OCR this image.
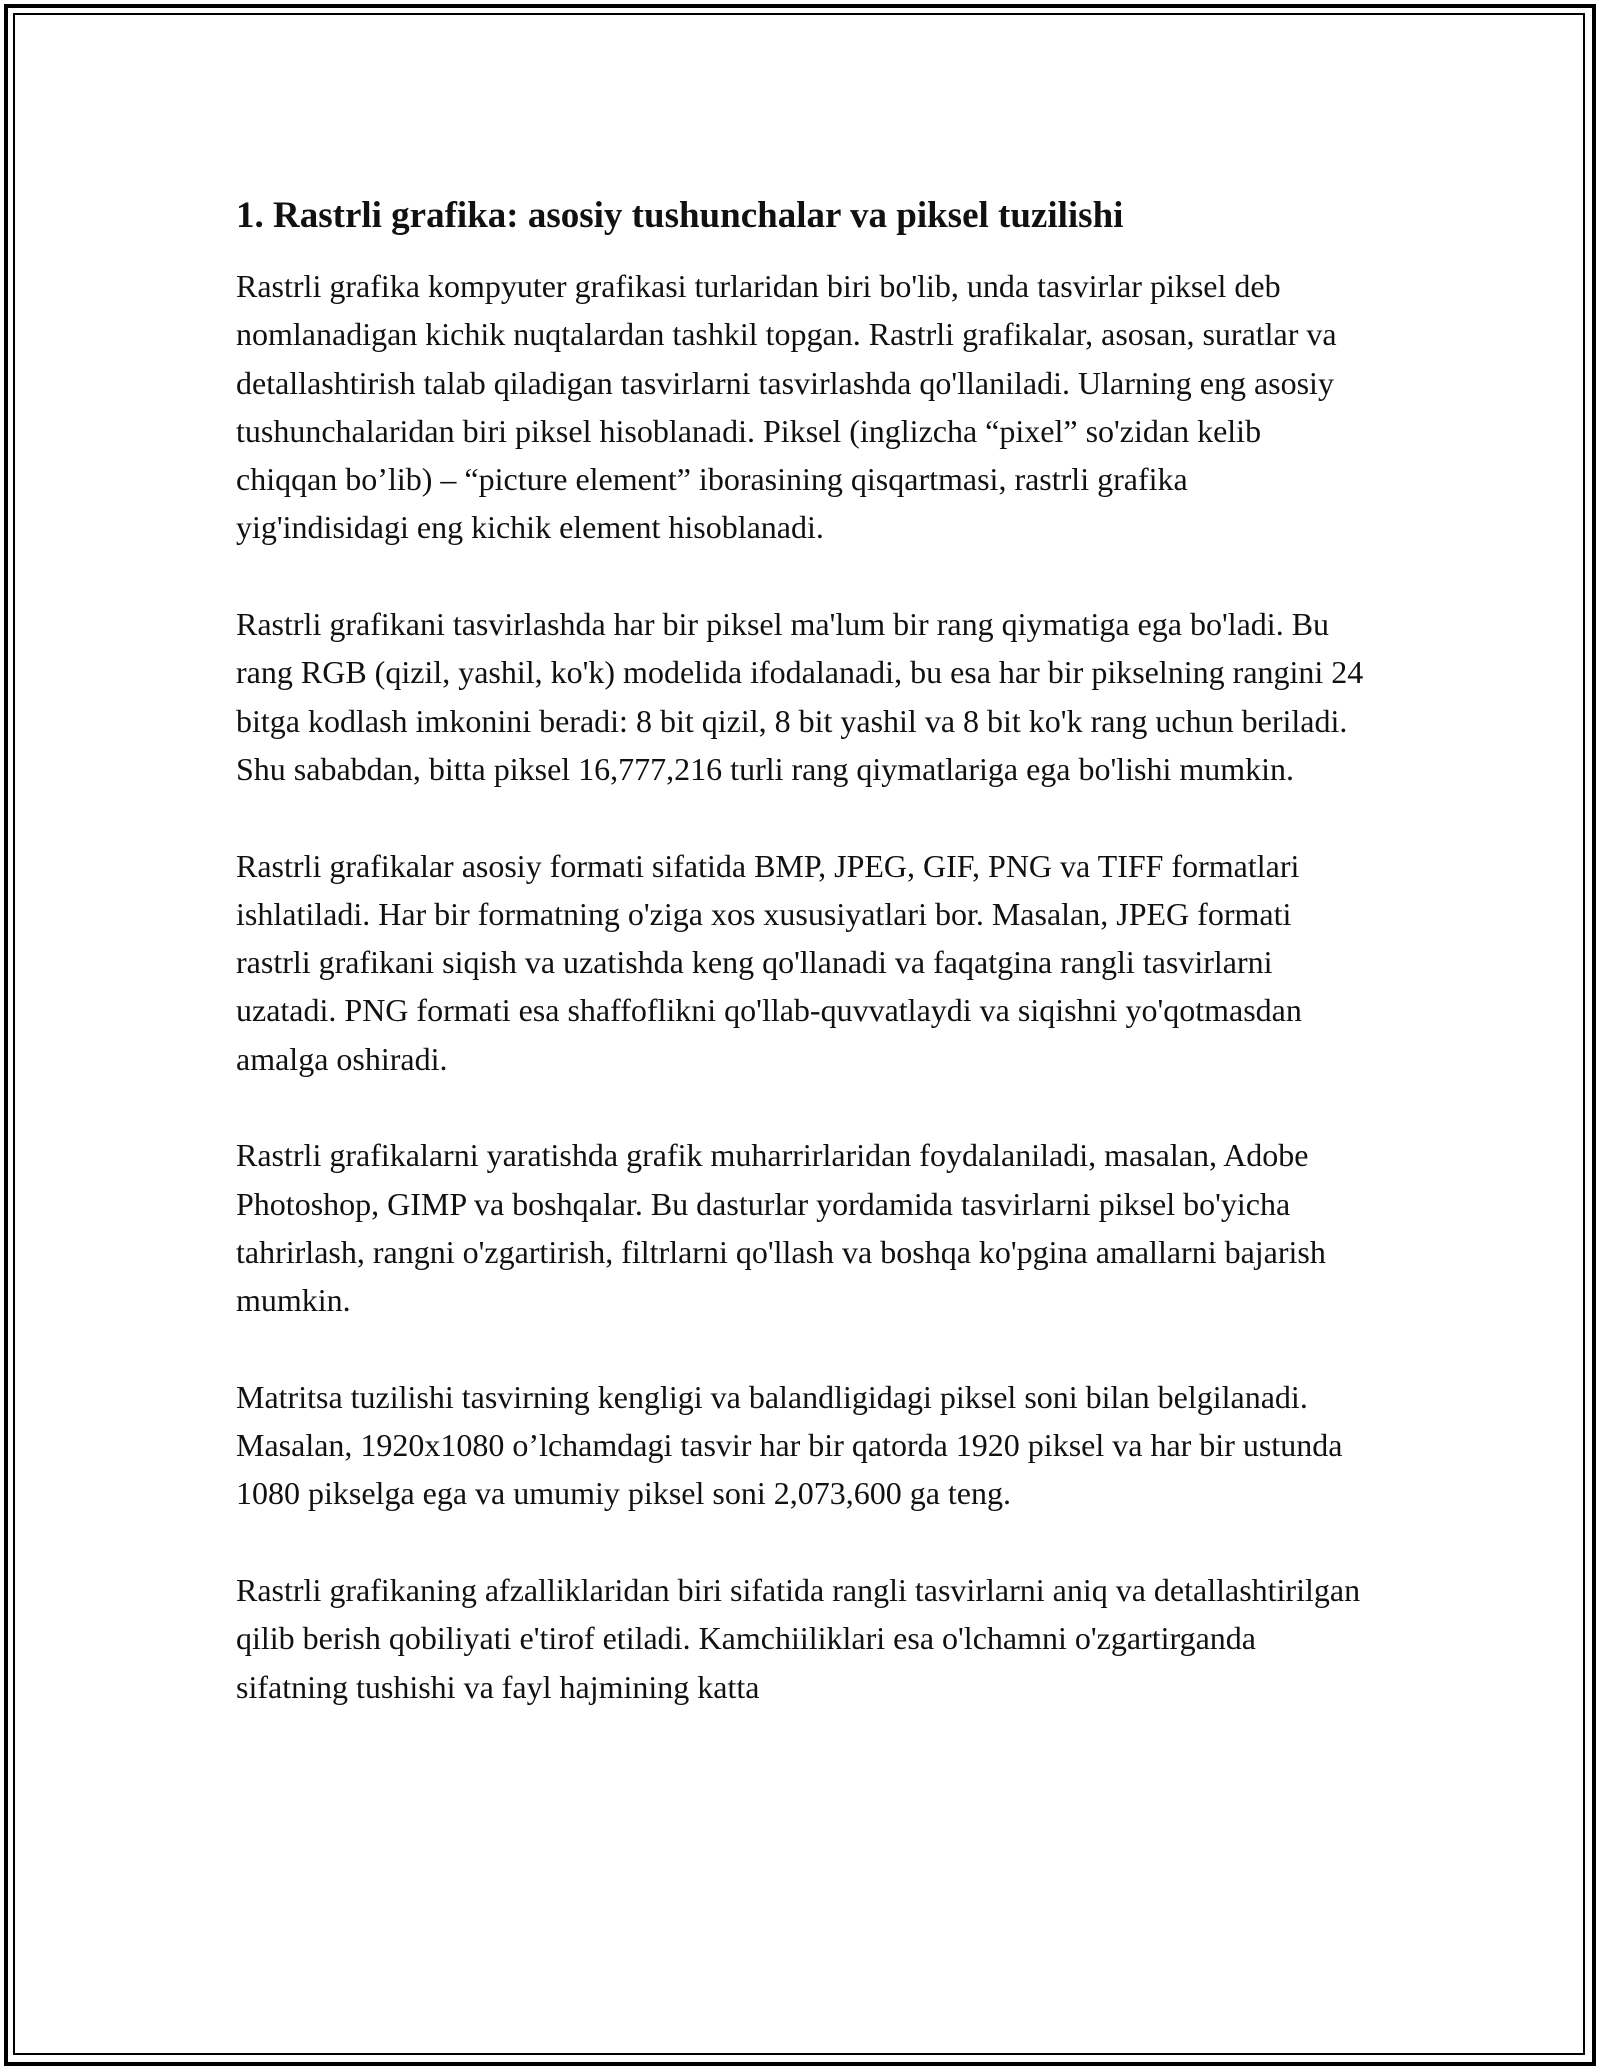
1. Rastrli grafika: asosiy tushunchalar va piksel tuzilishi

Rastrli grafika kompyuter grafikasi turlaridan biri bo'lib, unda tasvirlar piksel deb nomlanadigan kichik nuqtalardan tashkil topgan. Rastrli grafikalar, asosan, suratlar va detallashtirish talab qiladigan tasvirlarni tasvirlashda qo'llaniladi. Ularning eng asosiy tushunchalaridan biri piksel hisoblanadi. Piksel (inglizcha “pixel” so'zidan kelib chiqqan bo’lib) – “picture element” iborasining qisqartmasi, rastrli grafika yig'indisidagi eng kichik element hisoblanadi.

Rastrli grafikani tasvirlashda har bir piksel ma'lum bir rang qiymatiga ega bo'ladi. Bu rang RGB (qizil, yashil, ko'k) modelida ifodalanadi, bu esa har bir pikselning rangini 24 bitga kodlash imkonini beradi: 8 bit qizil, 8 bit yashil va 8 bit ko'k rang uchun beriladi. Shu sababdan, bitta piksel 16,777,216 turli rang qiymatlariga ega bo'lishi mumkin.

Rastrli grafikalar asosiy formati sifatida BMP, JPEG, GIF, PNG va TIFF formatlari ishlatiladi. Har bir formatning o'ziga xos xususiyatlari bor. Masalan, JPEG formati rastrli grafikani siqish va uzatishda keng qo'llanadi va faqatgina rangli tasvirlarni uzatadi. PNG formati esa shaffoflikni qo'llab-quvvatlaydi va siqishni yo'qotmasdan amalga oshiradi.

Rastrli grafikalarni yaratishda grafik muharrirlaridan foydalaniladi, masalan, Adobe Photoshop, GIMP va boshqalar. Bu dasturlar yordamida tasvirlarni piksel bo'yicha tahrirlash, rangni o'zgartirish, filtrlarni qo'llash va boshqa ko'pgina amallarni bajarish mumkin.

Matritsa tuzilishi tasvirning kengligi va balandligidagi piksel soni bilan belgilanadi. Masalan, 1920x1080 o’lchamdagi tasvir har bir qatorda 1920 piksel va har bir ustunda 1080 pikselga ega va umumiy piksel soni 2,073,600 ga teng.

Rastrli grafikaning afzalliklaridan biri sifatida rangli tasvirlarni aniq va detallashtirilgan qilib berish qobiliyati e'tirof etiladi. Kamchiiliklari esa o'lchamni o'zgartirganda sifatning tushishi va fayl hajmining katta
